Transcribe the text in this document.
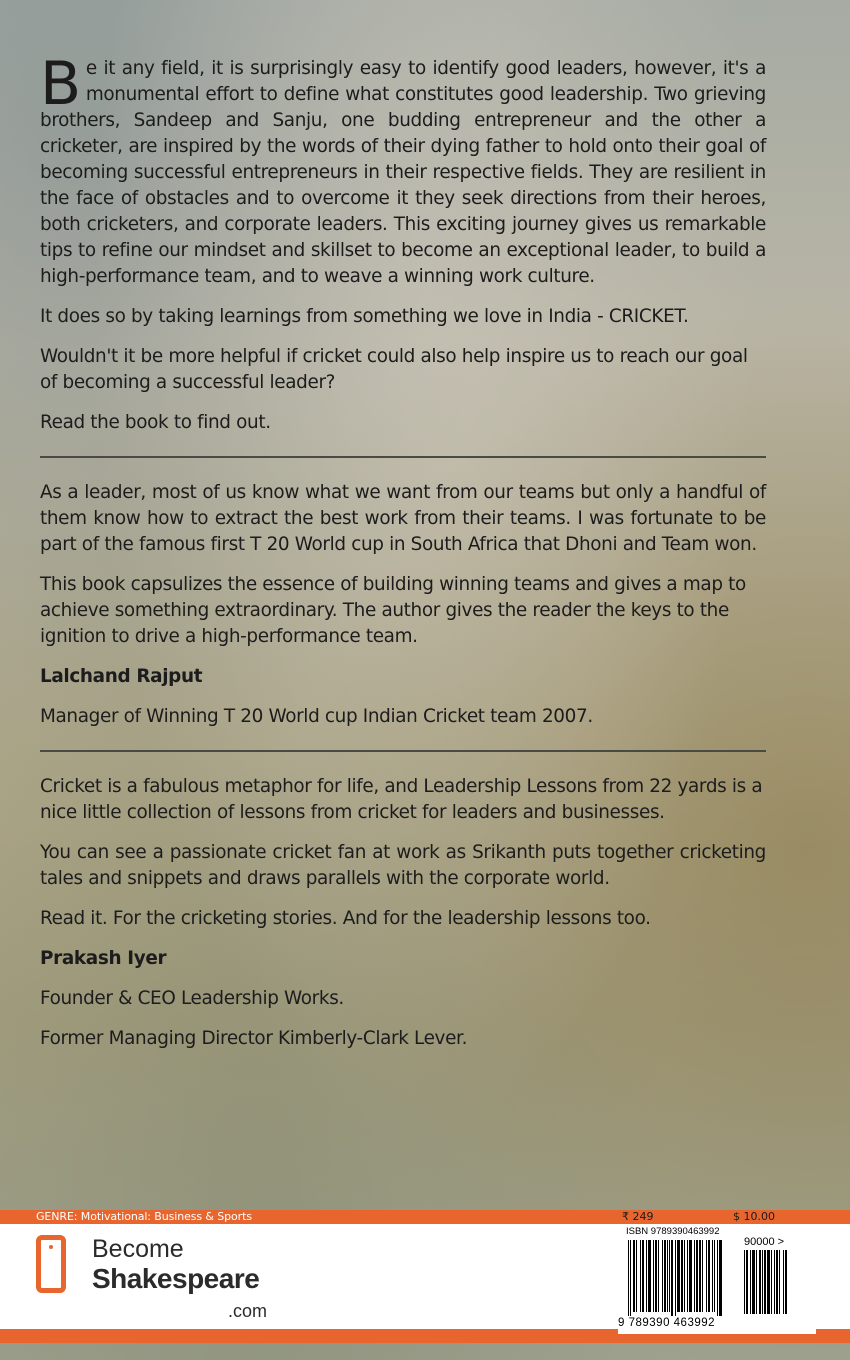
Be it any field, it is surprisingly easy to identify good leaders, however, it's a monumental effort to define what constitutes good leadership. Two grieving brothers, Sandeep and Sanju, one budding entrepreneur and the other a cricketer, are inspired by the words of their dying father to hold onto their goal of becoming successful entrepreneurs in their respective fields. They are resilient in the face of obstacles and to overcome it they seek directions from their heroes, both cricketers, and corporate leaders. This exciting journey gives us remarkable tips to refine our mindset and skillset to become an exceptional leader, to build a high-performance team, and to weave a winning work culture.

It does so by taking learnings from something we love in India - CRICKET.

Wouldn't it be more helpful if cricket could also help inspire us to reach our goal of becoming a successful leader?

Read the book to find out.

As a leader, most of us know what we want from our teams but only a handful of them know how to extract the best work from their teams. I was fortunate to be part of the famous first T 20 World cup in South Africa that Dhoni and Team won.

This book capsulizes the essence of building winning teams and gives a map to achieve something extraordinary. The author gives the reader the keys to the ignition to drive a high-performance team.

Lalchand Rajput

Manager of Winning T 20 World cup Indian Cricket team 2007.

Cricket is a fabulous metaphor for life, and Leadership Lessons from 22 yards is a nice little collection of lessons from cricket for leaders and businesses.

You can see a passionate cricket fan at work as Srikanth puts together cricketing tales and snippets and draws parallels with the corporate world.

Read it. For the cricketing stories. And for the leadership lessons too.

Prakash Iyer

Founder & CEO Leadership Works.

Former Managing Director Kimberly-Clark Lever.

GENRE: Motivational: Business & Sports	₹ 249	$ 10.00
Become
Shakespeare
.com
ISBN 9789390463992
90000 >
9 789390 463992
